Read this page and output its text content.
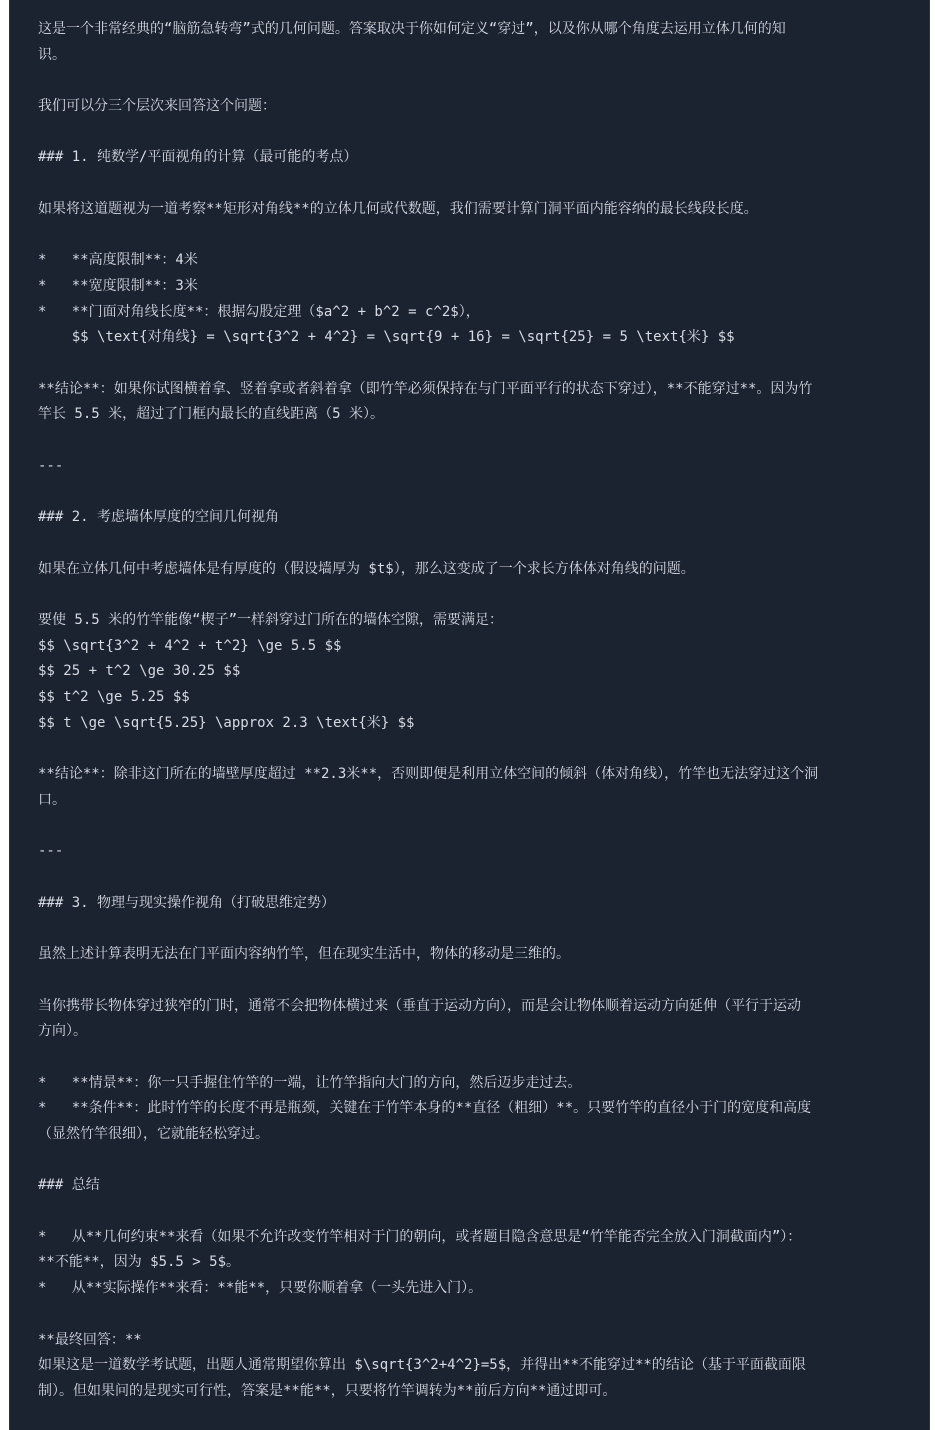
这是一个非常经典的“脑筋急转弯”式的几何问题。答案取决于你如何定义“穿过”，以及你从哪个角度去运用立体几何的知
识。
我们可以分三个层次来回答这个问题：
### 1. 纯数学/平面视角的计算（最可能的考点）
如果将这道题视为一道考察**矩形对角线**的立体几何或代数题，我们需要计算门洞平面内能容纳的最长线段长度。
*   **高度限制**：4米
*   **宽度限制**：3米
*   **门面对角线长度**：根据勾股定理（$a^2 + b^2 = c^2$），
$$ \text{对角线} = \sqrt{3^2 + 4^2} = \sqrt{9 + 16} = \sqrt{25} = 5 \text{米} $$
**结论**：如果你试图横着拿、竖着拿或者斜着拿（即竹竿必须保持在与门平面平行的状态下穿过），**不能穿过**。因为竹
竿长 5.5 米，超过了门框内最长的直线距离（5 米）。
---
### 2. 考虑墙体厚度的空间几何视角
如果在立体几何中考虑墙体是有厚度的（假设墙厚为 $t$），那么这变成了一个求长方体体对角线的问题。
要使 5.5 米的竹竿能像“楔子”一样斜穿过门所在的墙体空隙，需要满足：
$$ \sqrt{3^2 + 4^2 + t^2} \ge 5.5 $$
$$ 25 + t^2 \ge 30.25 $$
$$ t^2 \ge 5.25 $$
$$ t \ge \sqrt{5.25} \approx 2.3 \text{米} $$
**结论**：除非这门所在的墙壁厚度超过 **2.3米**，否则即便是利用立体空间的倾斜（体对角线），竹竿也无法穿过这个洞
口。
---
### 3. 物理与现实操作视角（打破思维定势）
虽然上述计算表明无法在门平面内容纳竹竿，但在现实生活中，物体的移动是三维的。
当你携带长物体穿过狭窄的门时，通常不会把物体横过来（垂直于运动方向），而是会让物体顺着运动方向延伸（平行于运动
方向）。
*   **情景**：你一只手握住竹竿的一端，让竹竿指向大门的方向，然后迈步走过去。
*   **条件**：此时竹竿的长度不再是瓶颈，关键在于竹竿本身的**直径（粗细）**。只要竹竿的直径小于门的宽度和高度
（显然竹竿很细），它就能轻松穿过。
### 总结
*   从**几何约束**来看（如果不允许改变竹竿相对于门的朝向，或者题目隐含意思是“竹竿能否完全放入门洞截面内”）：
**不能**，因为 $5.5 > 5$。
*   从**实际操作**来看：**能**，只要你顺着拿（一头先进入门）。
**最终回答：**
如果这是一道数学考试题，出题人通常期望你算出 $\sqrt{3^2+4^2}=5$，并得出**不能穿过**的结论（基于平面截面限
制）。但如果问的是现实可行性，答案是**能**，只要将竹竿调转为**前后方向**通过即可。
